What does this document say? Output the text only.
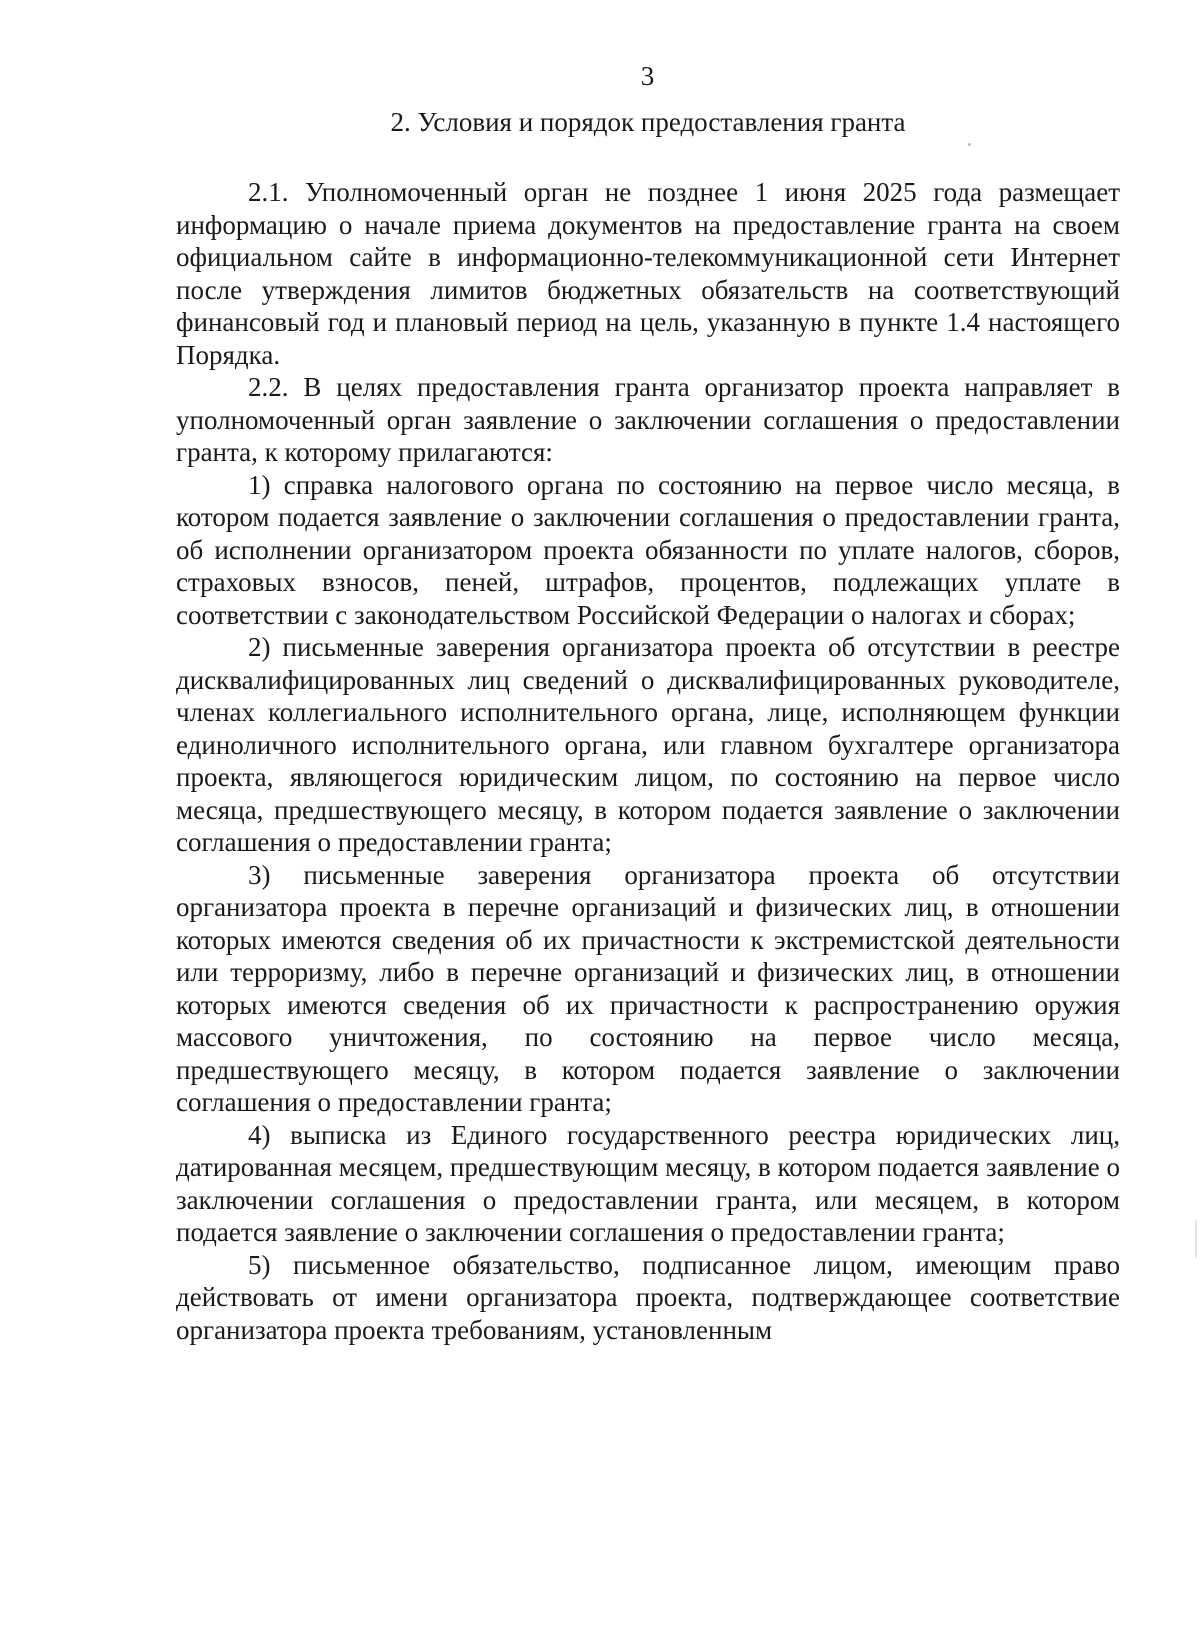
3
2. Условия и порядок предоставления гранта

2.1. Уполномоченный орган не позднее 1 июня 2025 года размещает информацию о начале приема документов на предоставление гранта на своем официальном сайте в информационно-телекоммуникационной сети Интернет после утверждения лимитов бюджетных обязательств на соответствующий финансовый год и плановый период на цель, указанную в пункте 1.4 настоящего Порядка.

2.2. В целях предоставления гранта организатор проекта направляет в уполномоченный орган заявление о заключении соглашения о предоставлении гранта, к которому прилагаются:

1) справка налогового органа по состоянию на первое число месяца, в котором подается заявление о заключении соглашения о предоставлении гранта, об исполнении организатором проекта обязанности по уплате налогов, сборов, страховых взносов, пеней, штрафов, процентов, подлежащих уплате в соответствии с законодательством Российской Федерации о налогах и сборах;

2) письменные заверения организатора проекта об отсутствии в реестре дисквалифицированных лиц сведений о дисквалифицированных руководителе, членах коллегиального исполнительного органа, лице, исполняющем функции единоличного исполнительного органа, или главном бухгалтере организатора проекта, являющегося юридическим лицом, по состоянию на первое число месяца, предшествующего месяцу, в котором подается заявление о заключении соглашения о предоставлении гранта;

3) письменные заверения организатора проекта об отсутствии организатора проекта в перечне организаций и физических лиц, в отношении которых имеются сведения об их причастности к экстремистской деятельности или терроризму, либо в перечне организаций и физических лиц, в отношении которых имеются сведения об их причастности к распространению оружия массового уничтожения, по состоянию на первое число месяца, предшествующего месяцу, в котором подается заявление о заключении соглашения о предоставлении гранта;

4) выписка из Единого государственного реестра юридических лиц, датированная месяцем, предшествующим месяцу, в котором подается заявление о заключении соглашения о предоставлении гранта, или месяцем, в котором подается заявление о заключении соглашения о предоставлении гранта;

5) письменное обязательство, подписанное лицом, имеющим право действовать от имени организатора проекта, подтверждающее соответствие организатора проекта требованиям, установленным
